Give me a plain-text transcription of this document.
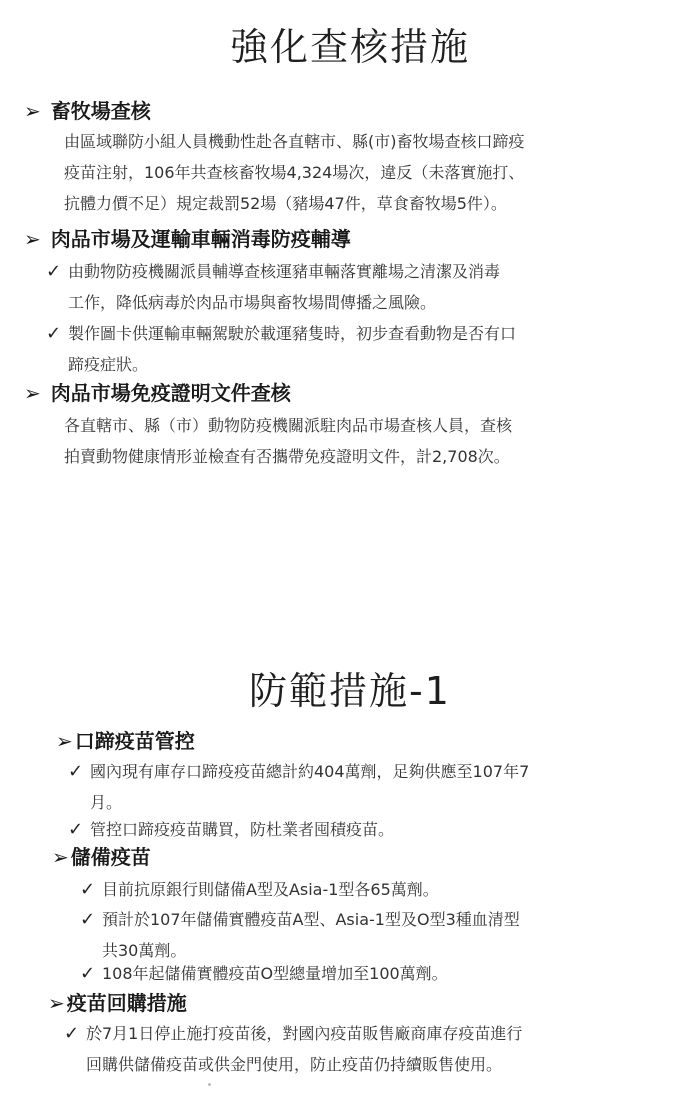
強化查核措施
➢ 畜牧場查核
由區域聯防小組人員機動性赴各直轄市、縣(市)畜牧場查核口蹄疫
疫苗注射，106年共查核畜牧場4,324場次，違反（未落實施打、
抗體力價不足）規定裁罰52場（豬場47件，草食畜牧場5件）。
➢ 肉品市場及運輸車輛消毒防疫輔導
✓ 由動物防疫機關派員輔導查核運豬車輛落實離場之清潔及消毒
工作，降低病毒於肉品市場與畜牧場間傳播之風險。
✓ 製作圖卡供運輸車輛駕駛於載運豬隻時，初步查看動物是否有口
蹄疫症狀。
➢ 肉品市場免疫證明文件查核
各直轄市、縣（市）動物防疫機關派駐肉品市場查核人員，查核
拍賣動物健康情形並檢查有否攜帶免疫證明文件，計2,708次。
防範措施-1
➢ 口蹄疫苗管控
✓ 國內現有庫存口蹄疫疫苗總計約404萬劑，足夠供應至107年7
月。
✓ 管控口蹄疫疫苗購買，防杜業者囤積疫苗。
➢ 儲備疫苗
✓ 目前抗原銀行則儲備A型及Asia-1型各65萬劑。
✓ 預計於107年儲備實體疫苗A型、Asia-1型及O型3種血清型
共30萬劑。
✓ 108年起儲備實體疫苗O型總量增加至100萬劑。
➢ 疫苗回購措施
✓ 於7月1日停止施打疫苗後，對國內疫苗販售廠商庫存疫苗進行
回購供儲備疫苗或供金門使用，防止疫苗仍持續販售使用。
